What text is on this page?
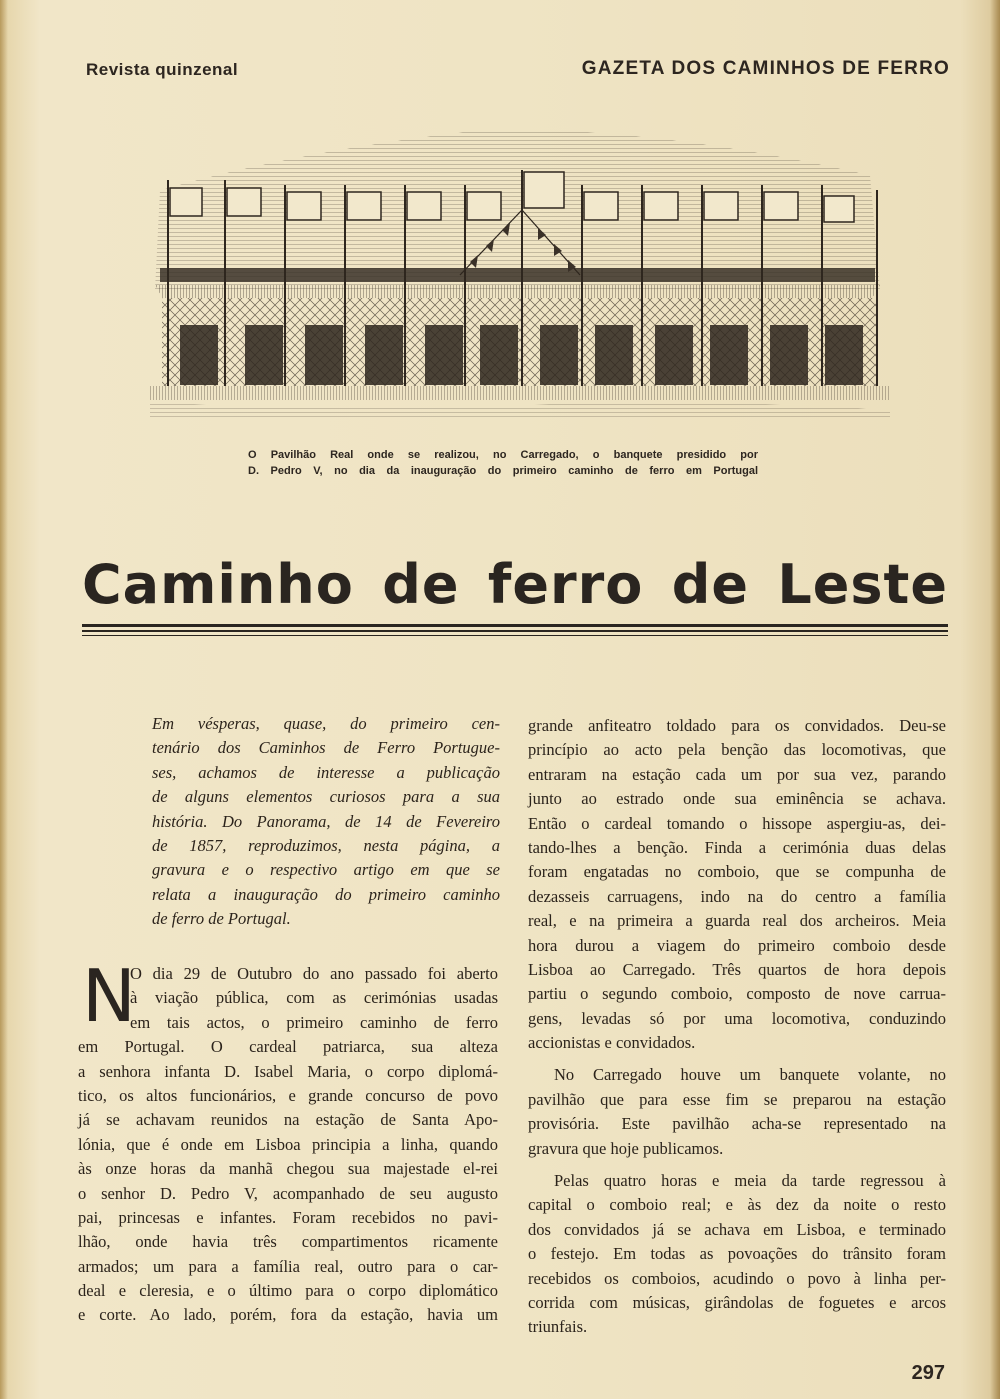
Revista quinzenal	GAZETA DOS CAMINHOS DE FERRO
O Pavilhão Real onde se realizou, no Carregado, o banquete presidido por
D. Pedro V, no dia da inauguração do primeiro caminho de ferro em Portugal
Caminho de ferro de Leste
Em vésperas, quase, do primeiro cen-
tenário dos Caminhos de Ferro Portugue-
ses, achamos de interesse a publicação
de alguns elementos curiosos para a sua
história. Do Panorama, de 14 de Fevereiro
de 1857, reproduzimos, nesta página, a
gravura e o respectivo artigo em que se
relata a inauguração do primeiro caminho
de ferro de Portugal.
N
O dia 29 de Outubro do ano passado foi aberto
à viação pública, com as cerimónias usadas
em tais actos, o primeiro caminho de ferro
em Portugal. O cardeal patriarca, sua alteza
a senhora infanta D. Isabel Maria, o corpo diplomá-
tico, os altos funcionários, e grande concurso de povo
já se achavam reunidos na estação de Santa Apo-
lónia, que é onde em Lisboa principia a linha, quando
às onze horas da manhã chegou sua majestade el-rei
o senhor D. Pedro V, acompanhado de seu augusto
pai, princesas e infantes. Foram recebidos no pavi-
lhão, onde havia três compartimentos ricamente
armados; um para a família real, outro para o car-
deal e cleresia, e o último para o corpo diplomático
e corte. Ao lado, porém, fora da estação, havia um
grande anfiteatro toldado para os convidados. Deu-se
princípio ao acto pela benção das locomotivas, que
entraram na estação cada um por sua vez, parando
junto ao estrado onde sua eminência se achava.
Então o cardeal tomando o hissope aspergiu-as, dei-
tando-lhes a benção. Finda a cerimónia duas delas
foram engatadas no comboio, que se compunha de
dezasseis carruagens, indo na do centro a família
real, e na primeira a guarda real dos archeiros. Meia
hora durou a viagem do primeiro comboio desde
Lisboa ao Carregado. Três quartos de hora depois
partiu o segundo comboio, composto de nove carrua-
gens, levadas só por uma locomotiva, conduzindo
accionistas e convidados.
No Carregado houve um banquete volante, no
pavilhão que para esse fim se preparou na estação
provisória. Este pavilhão acha-se representado na
gravura que hoje publicamos.
Pelas quatro horas e meia da tarde regressou à
capital o comboio real; e às dez da noite o resto
dos convidados já se achava em Lisboa, e terminado
o festejo. Em todas as povoações do trânsito foram
recebidos os comboios, acudindo o povo à linha per-
corrida com músicas, girândolas de foguetes e arcos
triunfais.
297
